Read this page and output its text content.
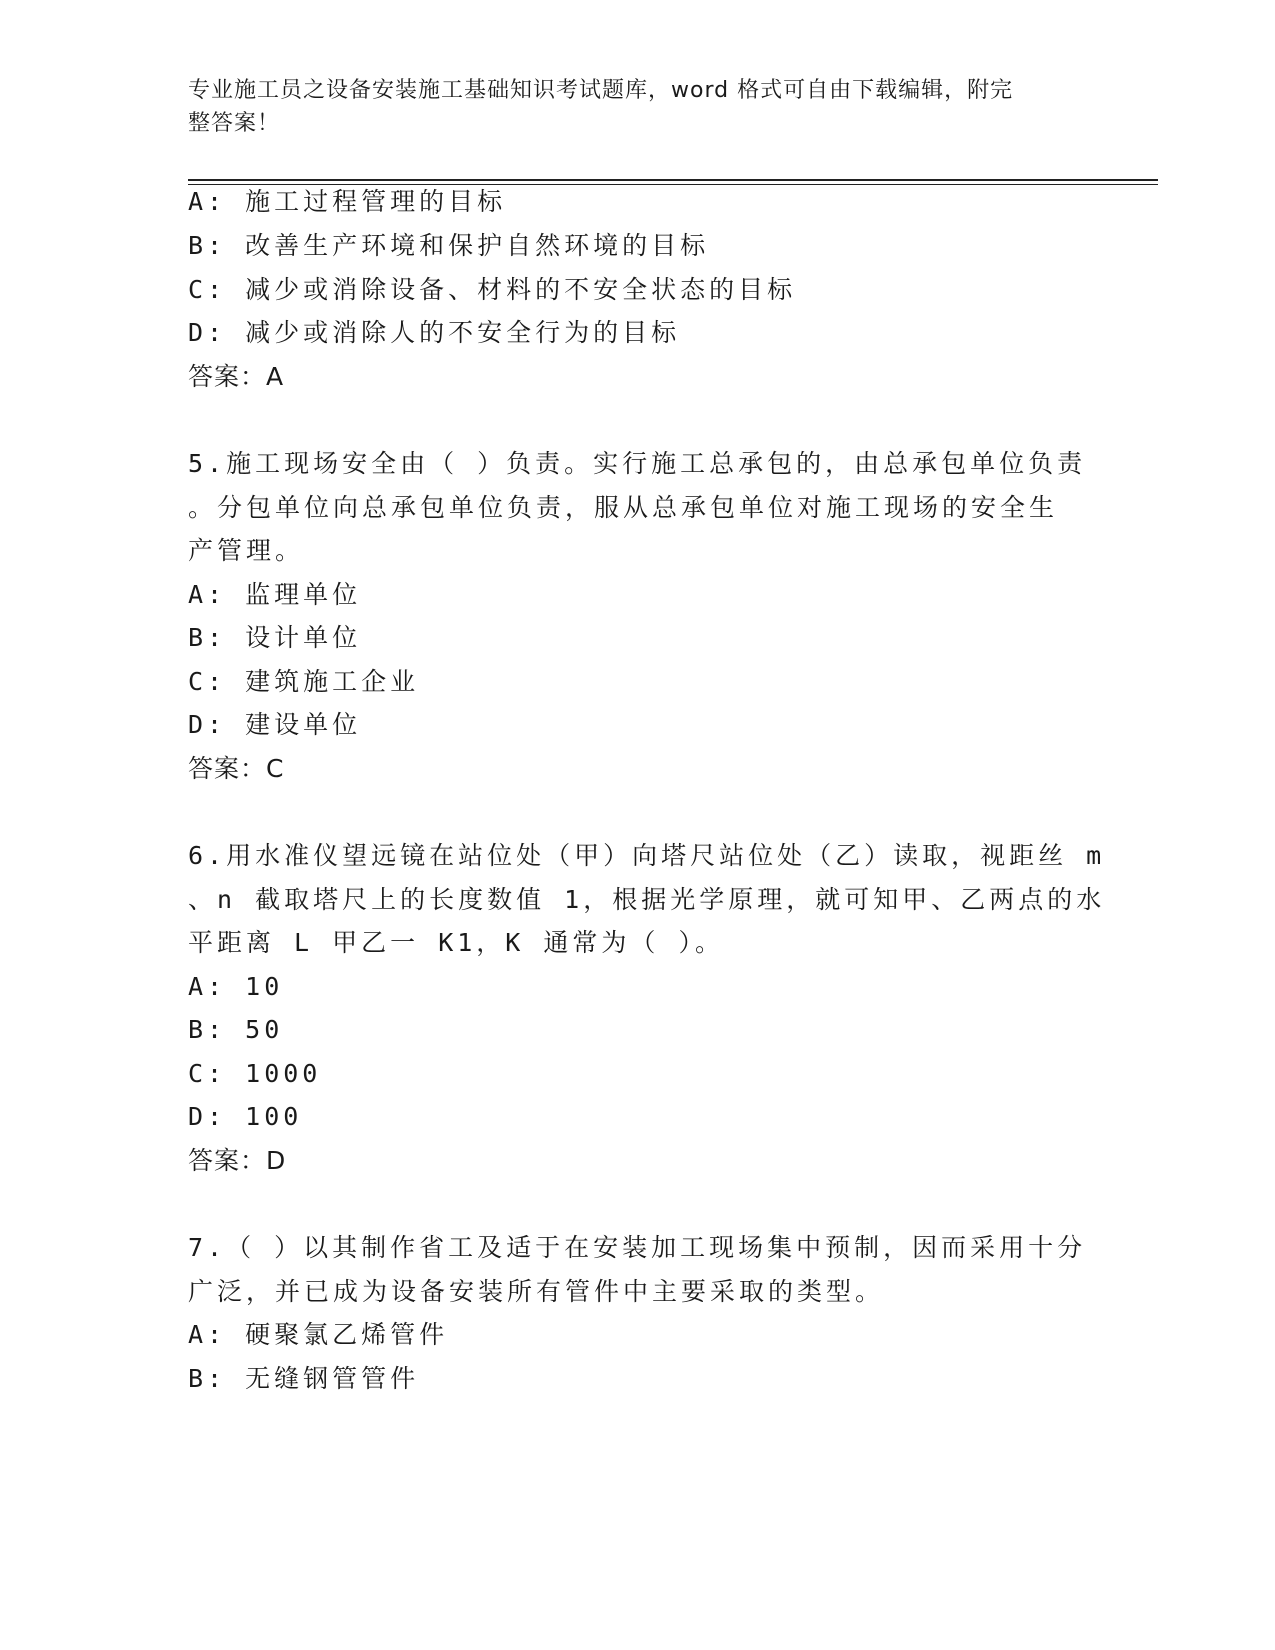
专业施工员之设备安装施工基础知识考试题库，word 格式可自由下载编辑，附完
整答案！
A: 施工过程管理的目标
B: 改善生产环境和保护自然环境的目标
C: 减少或消除设备、材料的不安全状态的目标
D: 减少或消除人的不安全行为的目标
答案：A
5.施工现场安全由（ ）负责。实行施工总承包的，由总承包单位负责
。分包单位向总承包单位负责，服从总承包单位对施工现场的安全生
产管理。
A: 监理单位
B: 设计单位
C: 建筑施工企业
D: 建设单位
答案：C
6.用水准仪望远镜在站位处（甲）向塔尺站位处（乙）读取，视距丝 m
、n 截取塔尺上的长度数值 1，根据光学原理，就可知甲、乙两点的水
平距离 L 甲乙一 K1，K 通常为（ ）。
A: 10
B: 50
C: 1000
D: 100
答案：D
7.（ ）以其制作省工及适于在安装加工现场集中预制，因而采用十分
广泛，并已成为设备安装所有管件中主要采取的类型。
A: 硬聚氯乙烯管件
B: 无缝钢管管件
